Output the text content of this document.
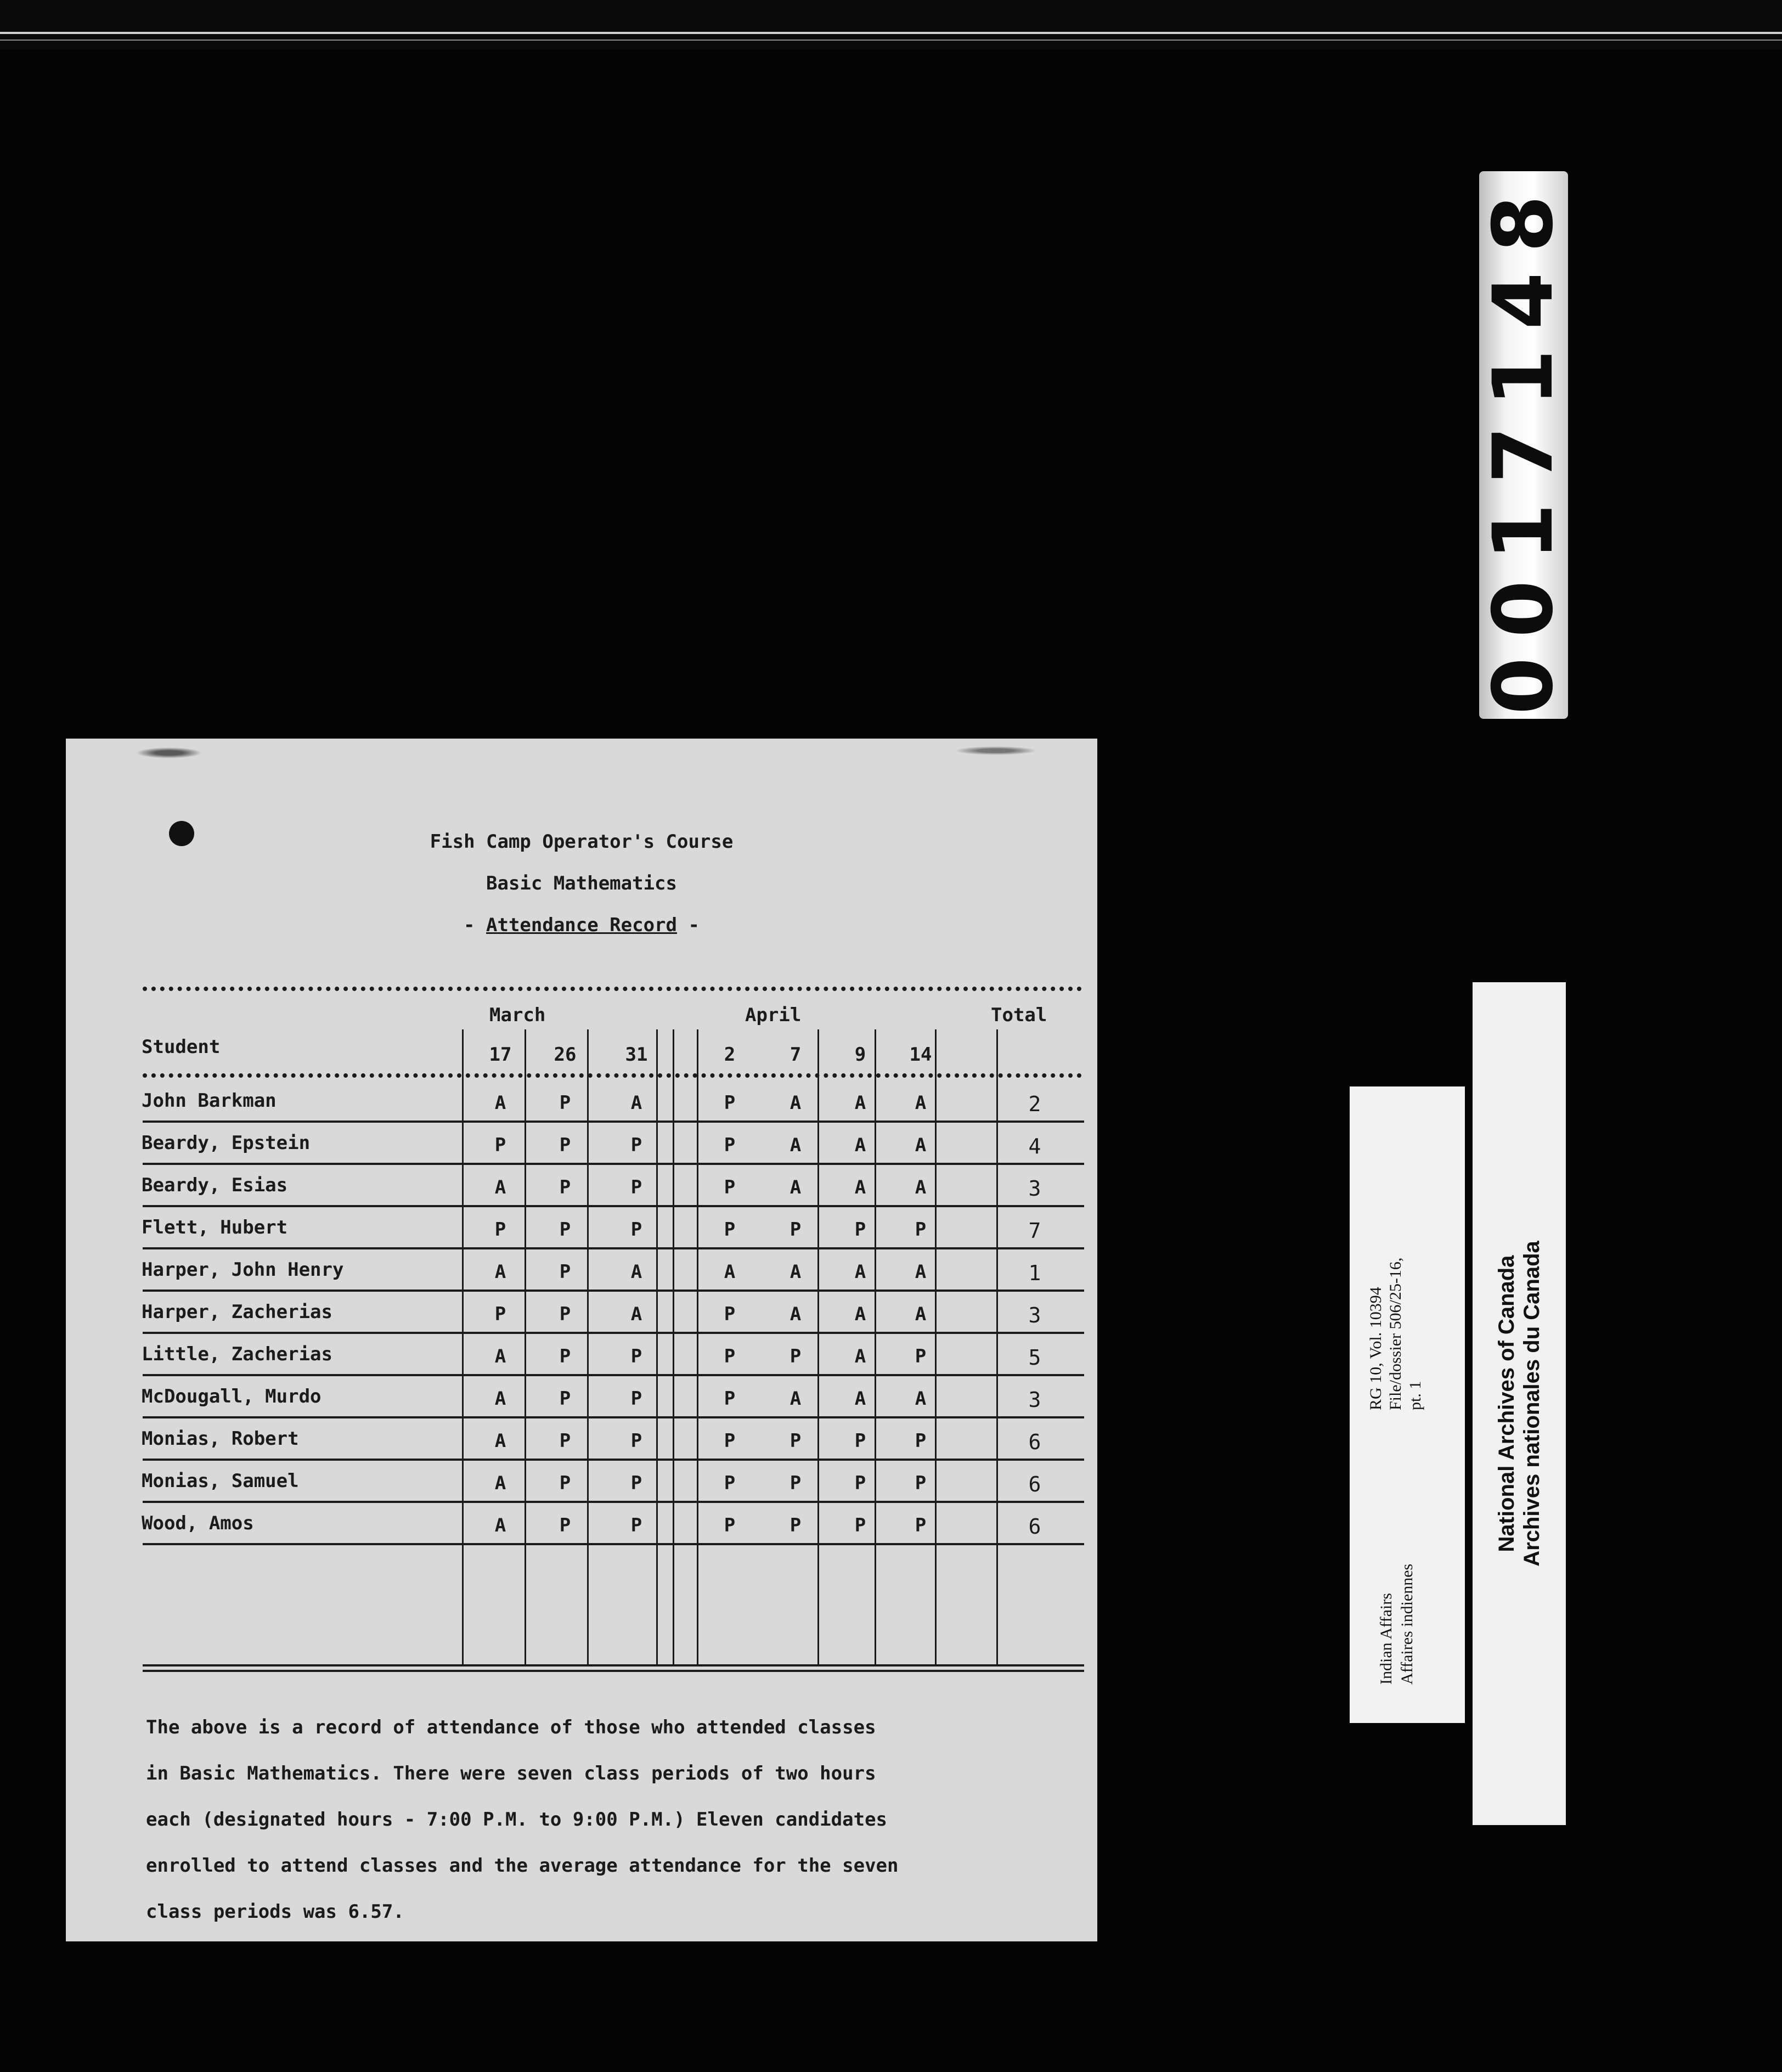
0017148
Indian Affairs Affaires indiennes
RG 10, Vol. 10394 File/dossier 506/25-16, pt. 1	National Archives of Canada Archives nationales du Canada
Fish Camp Operator's Course
Basic Mathematics
- Attendance Record -
March	April	Total
Student	17 26	31	2	7	9	14
John Barkman	A	P	A	P	A	A	A	2
Beardy, Epstein	P	P	P	P	A	A	A	4
Beardy, Esias	A	P	P	P	A	A	A	3
Flett, Hubert	P	P	P	P	P	P	P	7
Harper, John Henry	A	P	A	A	A	A	A	1
Harper, Zacherias	P	P	A	P	A	A	A	3
Little, Zacherias	A	P	P	P	P	A	P	5
McDougall, Murdo	A	P	P	P	A	A	A	3
Monias, Robert	A	P	P	P	P	P	P	6
Monias, Samuel	A	P	P	P	P	P	P	6
Wood, Amos	A	P	P	P	P	P	P	6
The above is a record of attendance of those who attended classes
in Basic Mathematics. There were seven class periods of two hours
each (designated hours - 7:00 P.M. to 9:00 P.M.) Eleven candidates
enrolled to attend classes and the average attendance for the seven
class periods was 6.57.
